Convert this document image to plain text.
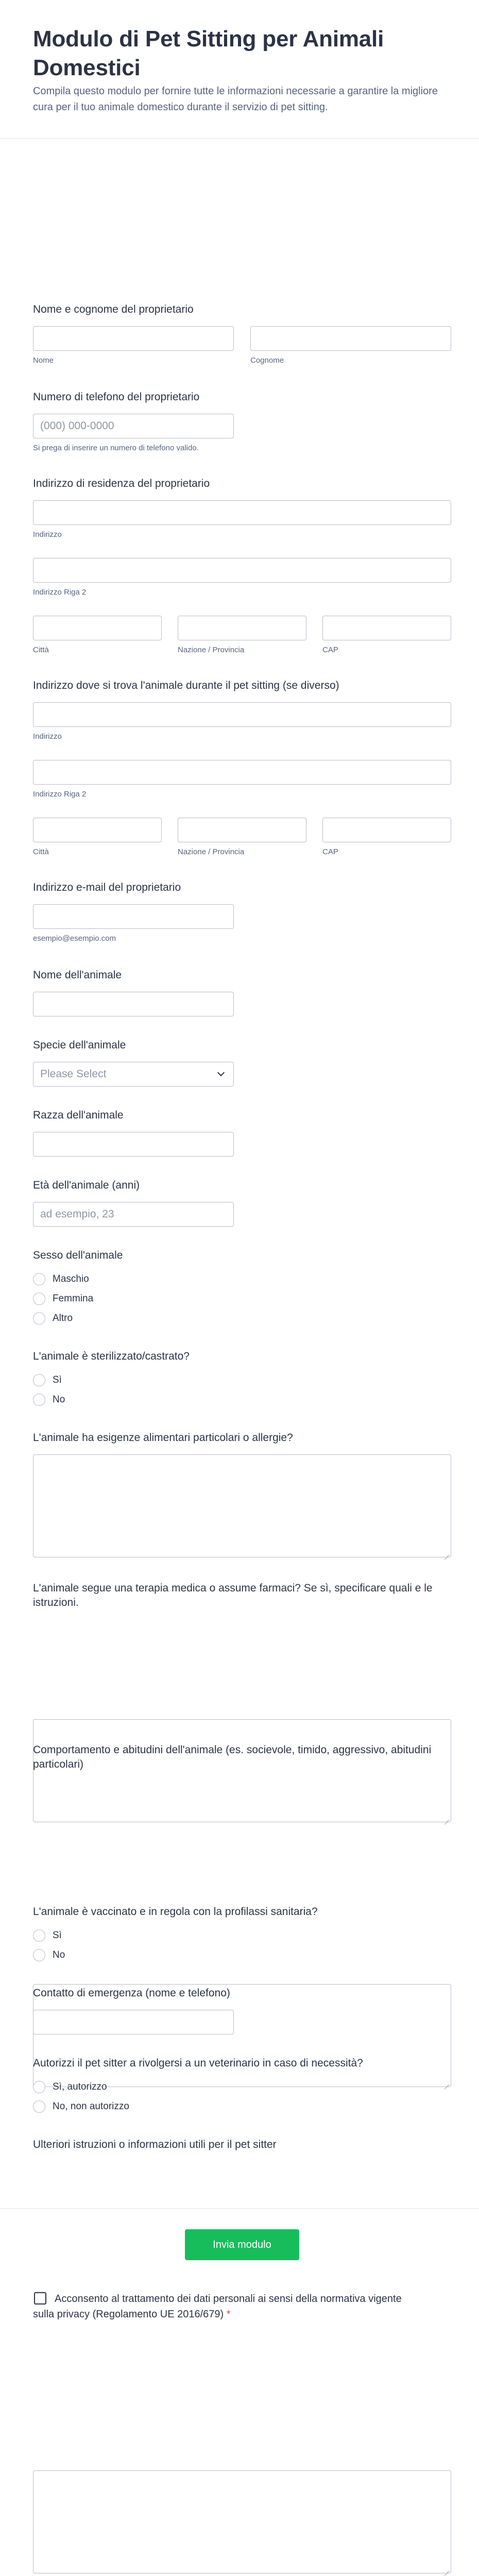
Modulo di Pet Sitting per Animali Domestici

Compila questo modulo per fornire tutte le informazioni necessarie a garantire la migliore cura per il tuo animale domestico durante il servizio di pet sitting.

Nome e cognome del proprietario
Nome	Cognome
Numero di telefono del proprietario
(000) 000-0000
Si prega di inserire un numero di telefono valido.
Indirizzo di residenza del proprietario
Indirizzo
Indirizzo Riga 2
Città	Nazione / Provincia	CAP
Indirizzo dove si trova l'animale durante il pet sitting (se diverso)
Indirizzo
Indirizzo Riga 2
Città	Nazione / Provincia	CAP
Indirizzo e-mail del proprietario
esempio@esempio.com
Nome dell'animale
Specie dell'animale
Please Select
Razza dell'animale
Età dell'animale (anni)
ad esempio, 23
Sesso dell'animale
Maschio
Femmina
Altro
L'animale è sterilizzato/castrato?
Sì
No
L'animale ha esigenze alimentari particolari o allergie?
L'animale segue una terapia medica o assume farmaci? Se sì, specificare quali e le istruzioni.
Comportamento e abitudini dell'animale (es. socievole, timido, aggressivo, abitudini particolari)
L'animale è vaccinato e in regola con la profilassi sanitaria?
Sì
No
Contatto di emergenza (nome e telefono)
Autorizzi il pet sitter a rivolgersi a un veterinario in caso di necessità?
Sì, autorizzo
No, non autorizzo
Ulteriori istruzioni o informazioni utili per il pet sitter
Acconsento al trattamento dei dati personali ai sensi della normativa vigente sulla privacy (Regolamento UE 2016/679) *
Invia modulo
